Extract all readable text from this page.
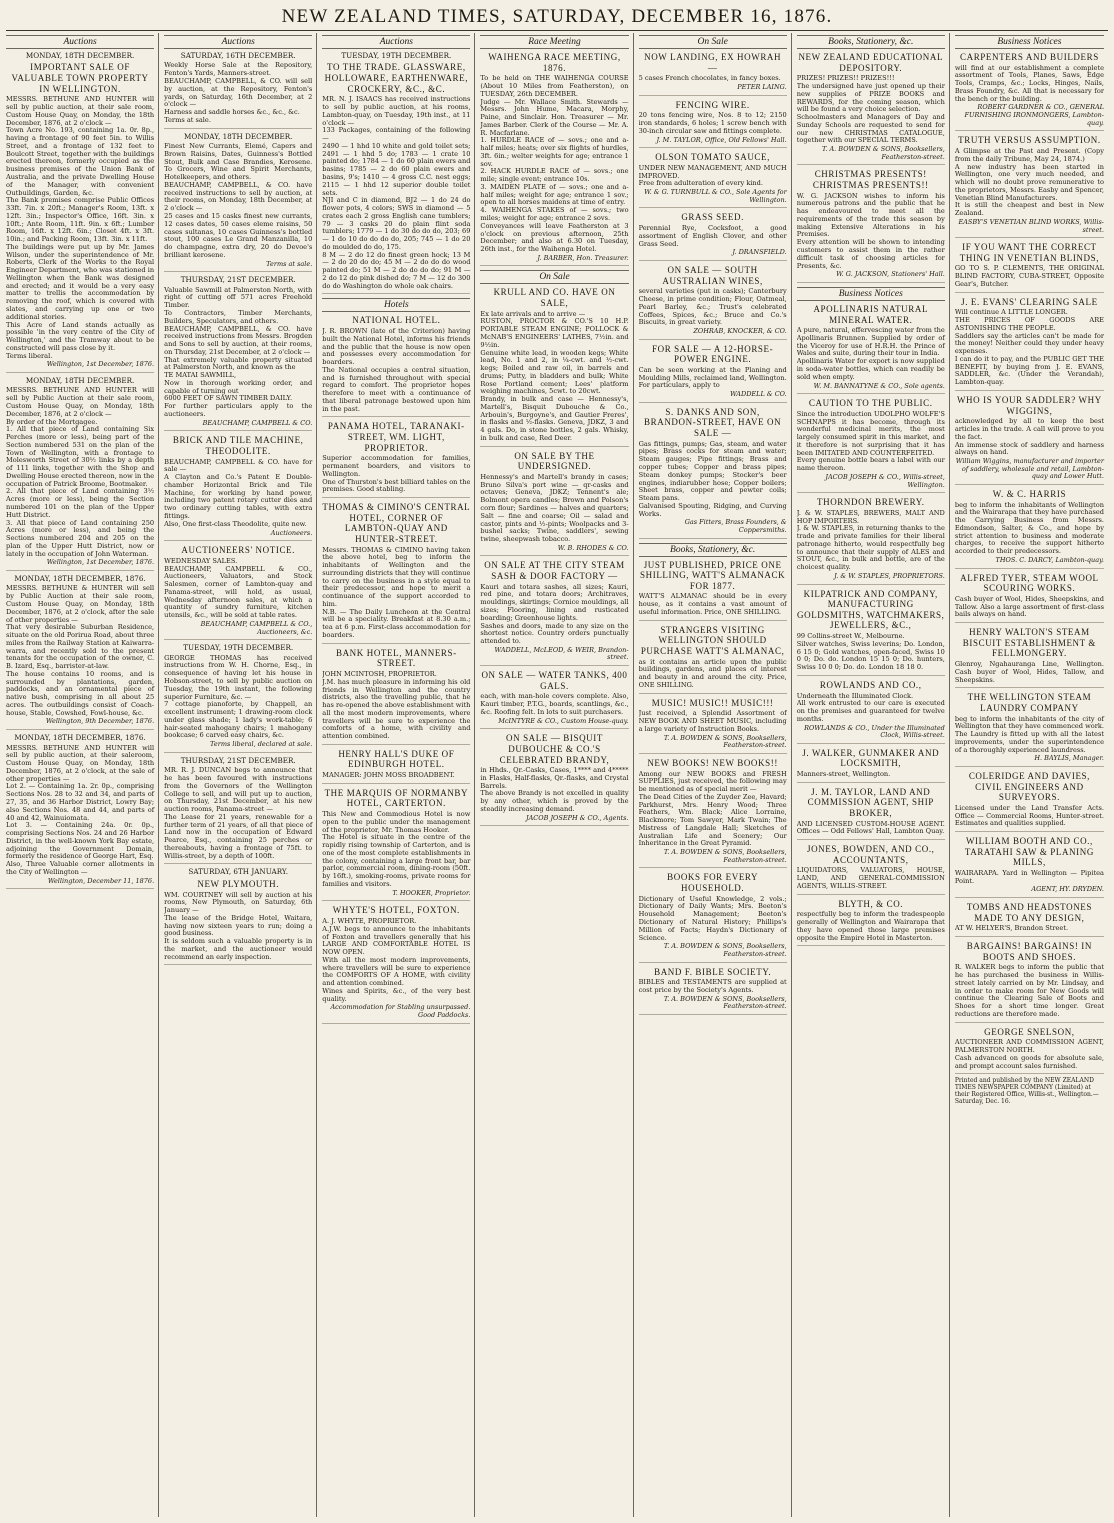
NEW ZEALAND TIMES, SATURDAY, DECEMBER 16, 1876.
Auctions
MONDAY, 18TH DECEMBER.
IMPORTANT SALE OF VALUABLE TOWN PROPERTY IN WELLINGTON.

MESSRS. BETHUNE AND HUNTER will sell by public auction, at their sale room, Custom House Quay, on Monday, the 18th December, 1876, at 2 o'clock —

Town Acre No. 193, containing 1a. 0r. 8p., having a frontage of 90 feet 5in. to Willis Street, and a frontage of 132 feet to Boulcott Street, together with the buildings erected thereon, formerly occupied as the business premises of the Union Bank of Australia, and the private Dwelling House of the Manager, with convenient Outbuildings, Garden, &c.

The Bank premises comprise Public Offices 33ft. 7in. x 20ft.; Manager's Room, 13ft. x 12ft. 3in.; Inspector's Office, 16ft. 3in. x 10ft.; Ante Room, 11ft. 9in. x 6ft.; Lumber Room, 16ft. x 12ft. 6in.; Closet 4ft. x 3ft. 10in.; and Packing Room, 13ft. 3in. x 11ft.

The buildings were put up by Mr. James Wilson, under the superintendence of Mr. Roberts, Clerk of the Works to the Royal Engineer Department, who was stationed in Wellington when the Bank was designed and erected; and it would be a very easy matter to trellis the accommodation by removing the roof, which is covered with slates, and carrying up one or two additional stories.

This Acre of Land stands actually as possible 'in the very centre of the City of Wellington,' and the Tramway about to be constructed will pass close by it.

Terms liberal.

Wellington, 1st December, 1876.
MONDAY, 18TH DECEMBER.

MESSRS. BETHUNE AND HUNTER will sell by Public Auction at their sale room, Custom House Quay, on Monday, 18th December, 1876, at 2 o'clock —

By order of the Mortgagee.

1. All that piece of Land containing Six Perches (more or less), being part of the Section numbered 531 on the plan of the Town of Wellington, with a frontage to Molesworth Street of 30½ links by a depth of 111 links, together with the Shop and Dwelling House erected thereon, now in the occupation of Patrick Broome, Bootmaker.

2. All that piece of Land containing 3½ Acres (more or less), being the Section numbered 101 on the plan of the Upper Hutt District.

3. All that piece of Land containing 250 Acres (more or less), and being the Sections numbered 204 and 205 on the plan of the Upper Hutt District, now or lately in the occupation of John Waterman.

Wellington, 1st December, 1876.
MONDAY, 18TH DECEMBER, 1876.

MESSRS. BETHUNE & HUNTER will sell by Public Auction at their sale room, Custom House Quay, on Monday, 18th December, 1876, at 2 o'clock, after the sale of other properties —

That very desirable Suburban Residence, situate on the old Porirua Road, about three miles from the Railway Station at Kaiwarra-warra, and recently sold to the present tenants for the occupation of the owner, C. B. Izard, Esq., barrister-at-law.

The house contains 10 rooms, and is surrounded by plantations, garden, paddocks, and an ornamental piece of native bush, comprising in all about 25 acres. The outbuildings consist of Coach-house, Stable, Cowshed, Fowl-house, &c.

Wellington, 9th December, 1876.
MONDAY, 18TH DECEMBER, 1876.

MESSRS. BETHUNE AND HUNTER will sell by public auction, at their saleroom, Custom House Quay, on Monday, 18th December, 1876, at 2 o'clock, at the sale of other properties —

Lot 2. — Containing 1a. 2r. 0p., comprising Sections Nos. 28 to 32 and 34, and parts of 27, 35, and 36 Harbor District, Lowry Bay; also Sections Nos. 48 and 44, and parts of 40 and 42, Wainuiomata.

Lot 3. — Containing 24a. 0r. 0p., comprising Sections Nos. 24 and 26 Harbor District, in the well-known York Bay estate, adjoining the Government Domain, formerly the residence of George Hart, Esq.

Also, Three Valuable corner allotments in the City of Wellington —

Wellington, December 11, 1876.
Auctions
SATURDAY, 16TH DECEMBER.

Weekly Horse Sale at the Repository, Fenton's Yards, Manners-street.

BEAUCHAMP, CAMPBELL, & CO. will sell by auction, at the Repository, Fenton's yards, on Saturday, 16th December, at 2 o'clock —

Harness and saddle horses &c., &c., &c.

Terms at sale.

MONDAY, 18TH DECEMBER.

Finest New Currants, Elemé, Capers and Brown Raisins, Dates, Guinness's Bottled Stout, Bulk and Case Brandies, Kerosene. To Grocers, Wine and Spirit Merchants, Hotelkeepers, and others.

BEAUCHAMP, CAMPBELL, & CO. have received instructions to sell by auction, at their rooms, on Monday, 18th December, at 2 o'clock —

25 cases and 15 casks finest new currants, 12 cases dates, 50 cases eleme raisins, 50 cases sultanas, 10 cases Guinness's bottled stout, 100 cases Le Grand Manzanilla, 10 do champagne, extra dry, 20 do Devoe's brilliant kerosene.

Terms at sale.
THURSDAY, 21ST DECEMBER.

Valuable Sawmill at Palmerston North, with right of cutting off 571 acres Freehold Timber.

To Contractors, Timber Merchants, Builders, Speculators, and others.

BEAUCHAMP, CAMPBELL, & CO. have received instructions from Messrs. Brogden and Sons to sell by auction, at their rooms, on Thursday, 21st December, at 2 o'clock —

That extremely valuable property situated at Palmerston North, and known as the

TE MATAI SAWMILL,

Now in thorough working order, and capable of turning out

6000 FEET OF SAWN TIMBER DAILY.

For further particulars apply to the auctioneers.

BEAUCHAMP, CAMPBELL & CO.
BRICK AND TILE MACHINE, THEODOLITE.

BEAUCHAMP, CAMPBELL & CO. have for sale —

A Clayton and Co.'s Patent E Double-chamber Horizontal Brick and Tile Machine, for working by hand power, including two patent rotary cutter dies and two ordinary cutting tables, with extra fittings.

Also, One first-class Theodolite, quite new.

Auctioneers.
AUCTIONEERS' NOTICE.

WEDNESDAY SALES.

BEAUCHAMP, CAMPBELL & CO., Auctioneers, Valuators, and Stock Salesmen, corner of Lambton-quay and Panama-street, will hold, as usual, Wednesday afternoon sales, at which a quantity of sundry furniture, kitchen utensils, &c., will be sold at table rates.

BEAUCHAMP, CAMPBELL & CO., Auctioneers, &c.
TUESDAY, 19TH DECEMBER.

GEORGE THOMAS has received instructions from W. H. Chorne, Esq., in consequence of having let his house in Hobson-street, to sell by public auction on Tuesday, the 19th instant, the following superior Furniture, &c. —

7 cottage pianoforte, by Chappell, an excellent instrument; 1 drawing-room clock under glass shade; 1 lady's work-table; 6 hair-seated mahogany chairs; 1 mahogany bookcase; 6 carved easy chairs, &c.

Terms liberal, declared at sale.
THURSDAY, 21ST DECEMBER.

MR. R. J. DUNCAN begs to announce that he has been favoured with instructions from the Governors of the Wellington College to sell, and will put up to auction, on Thursday, 21st December, at his new auction rooms, Panama-street —

The Lease for 21 years, renewable for a further term of 21 years, of all that piece of Land now in the occupation of Edward Pearce, Esq., containing 25 perches or thereabouts, having a frontage of 75ft. to Willis-street, by a depth of 100ft.

SATURDAY, 6TH JANUARY.
NEW PLYMOUTH.

WM. COURTNEY will sell by auction at his rooms, New Plymouth, on Saturday, 6th January —

The lease of the Bridge Hotel, Waitara, having now sixteen years to run; doing a good business.

It is seldom such a valuable property is in the market, and the auctioneer would recommend an early inspection.

Auctions
TUESDAY, 19TH DECEMBER.
TO THE TRADE. GLASSWARE, HOLLOWARE, EARTHENWARE, CROCKERY, &C., &C.

MR. N. J. ISAACS has received instructions to sell by public auction, at his rooms, Lambton-quay, on Tuesday, 19th inst., at 11 o'clock —

133 Packages, containing of the following —

2490 — 1 hhd 10 white and gold toilet sets; 2491 — 1 hhd 5 do; 1783 — 1 crate 10 painted do; 1784 — 1 do 60 plain ewers and basins; 1785 — 2 do 60 plain ewers and basins, 9's; 1410 — 4 gross C.C. nest eggs; 2115 — 1 hhd 12 superior double toilet sets.

NJI and C in diamond, BJ2 — 1 do 24 do flower pots, 4 colors; SWS in diamond — 5 crates each 2 gross English cane tumblers; 79 — 3 casks 20 do plain flint soda tumblers; 1779 — 1 do 30 do do do, 203; 69 — 1 do 10 do do do do, 205; 745 — 1 do 20 do moulded do do, 175.

8 M — 2 do 12 do finest green hock; 13 M — 2 do 20 do do; 45 M — 2 do do do wood painted do; 51 M — 2 do do do do; 91 M — 2 do 12 do pink dished do; 7 M — 12 do 300 do do Washington do whole oak chairs.

Hotels
NATIONAL HOTEL.

J. R. BROWN (late of the Criterion) having built the National Hotel, informs his friends and the public that the house is now open and possesses every accommodation for boarders.

The National occupies a central situation, and is furnished throughout with special regard to comfort. The proprietor hopes therefore to meet with a continuance of that liberal patronage bestowed upon him in the past.

PANAMA HOTEL, TARANAKI-STREET, WM. LIGHT, PROPRIETOR.

Superior accommodation for families, permanent boarders, and visitors to Wellington.

One of Thurston's best billiard tables on the premises. Good stabling.

THOMAS & CIMINO'S CENTRAL HOTEL, CORNER OF LAMBTON-QUAY AND HUNTER-STREET.

Messrs. THOMAS & CIMINO having taken the above hotel, beg to inform the inhabitants of Wellington and the surrounding districts that they will continue to carry on the business in a style equal to their predecessor, and hope to merit a continuance of the support accorded to him.

N.B. — The Daily Luncheon at the Central will be a speciality. Breakfast at 8.30 a.m.; tea at 6 p.m. First-class accommodation for boarders.

BANK HOTEL, MANNERS-STREET.

JOHN MCINTOSH, PROPRIETOR.

J.M. has much pleasure in informing his old friends in Wellington and the country districts, also the travelling public, that he has re-opened the above establishment with all the most modern improvements, where travellers will be sure to experience the comforts of a home, with civility and attention combined.

HENRY HALL'S DUKE OF EDINBURGH HOTEL.

MANAGER: JOHN MOSS BROADBENT.

THE MARQUIS OF NORMANBY HOTEL, CARTERTON.

This New and Commodious Hotel is now open to the public under the management of the proprietor, Mr. Thomas Hooker.

The Hotel is situate in the centre of the rapidly rising township of Carterton, and is one of the most complete establishments in the colony, containing a large front bar, bar parlor, commercial room, dining-room (50ft. by 16ft.), smoking-rooms, private rooms for families and visitors.

T. HOOKER, Proprietor.
WHYTE'S HOTEL, FOXTON.

A. J. WHYTE, PROPRIETOR.

A.J.W. begs to announce to the inhabitants of Foxton and travellers generally that his LARGE AND COMFORTABLE HOTEL IS NOW OPEN.

With all the most modern improvements, where travellers will be sure to experience the COMFORTS OF A HOME, with civility and attention combined.

Wines and Spirits, &c., of the very best quality.

Accommodation for Stabling unsurpassed. Good Paddocks.
Race Meeting
WAIHENGA RACE MEETING, 1876.

To be held on THE WAIHENGA COURSE (About 10 Miles from Featherston), on TUESDAY, 26th DECEMBER.

Judge — Mr. Wallace Smith. Stewards — Messrs. John Hume, Macara, Morphy, Paine, and Sinclair. Hon. Treasurer — Mr. James Barber. Clerk of the Course — Mr. A. R. Macfarlane.

1. HURDLE RACE of — sovs.; one and a-half miles; heats; over six flights of hurdles, 3ft. 6in.; welter weights for age; entrance 1 sov.

2. HACK HURDLE RACE of — sovs.; one mile; single event; entrance 10s.

3. MAIDEN PLATE of — sovs.; one and a-half miles; weight for age; entrance 1 sov.; open to all horses maidens at time of entry.

4. WAIHENGA STAKES of — sovs.; two miles; weight for age; entrance 2 sovs.

Conveyances will leave Featherston at 3 o'clock on previous afternoon, 25th December; and also at 6.30 on Tuesday, 26th inst., for the Waihenga Hotel.

J. BARBER, Hon. Treasurer.
On Sale
KRULL AND CO. HAVE ON SALE,

Ex late arrivals and to arrive —

RUSTON, PROCTOR & CO.'S 10 H.P. PORTABLE STEAM ENGINE; POLLOCK & McNAB'S ENGINEERS' LATHES, 7½in. and 9½in.

Genuine white lead, in wooden kegs; White lead, No. 1 and 2, in ¼-cwt. and ½-cwt. kegs; Boiled and raw oil, in barrels and drums; Putty, in bladders and bulk; White Rose Portland cement; Lees' platform weighing machines, 5cwt. to 20cwt.

Brandy, in bulk and case — Hennessy's, Martell's, Bisquit Dubouche & Co., Arbouin's, Burgoyne's, and Gautier Freres', in flasks and ½-flasks. Geneva, JDKZ, 3 and 4 gals. Do, in stone bottles, 2 gals. Whisky, in bulk and case, Red Deer.

ON SALE BY THE UNDERSIGNED.

Hennessy's and Martell's brandy in cases; Bruno Silva's port wine — qr-casks and octaves; Geneva, JDKZ; Tennent's ale; Bolmont opera candles; Brown and Polson's corn flour; Sardines — halves and quarters; Salt — fine and coarse; Oil — salad and castor, pints and ½-pints; Woolpacks and 3-bushel sacks; Twine, saddlers', sewing twine, sheepwash tobacco.

W. B. RHODES & CO.
ON SALE AT THE CITY STEAM SASH & DOOR FACTORY —

Kauri and totara sashes, all sizes; Kauri, red pine, and totara doors; Architraves, mouldings, skirtings; Cornice mouldings, all sizes; Flooring, lining and rusticated boarding; Greenhouse lights.

Sashes and doors, made to any size on the shortest notice. Country orders punctually attended to.

WADDELL, McLEOD, & WEIR, Brandon-street.
ON SALE — WATER TANKS, 400 GALS.

each, with man-hole covers complete. Also, Kauri timber, P.T.G., boards, scantlings, &c., &c. Roofing felt. In lots to suit purchasers.

McINTYRE & CO., Custom House-quay.
ON SALE — BISQUIT DUBOUCHE & CO.'S CELEBRATED BRANDY,

in Hhds., Qr.-Casks, Cases, 1**** and 4***** in Flasks, Half-flasks, Qr.-flasks, and Crystal Barrels.

The above Brandy is not excelled in quality by any other, which is proved by the steadily increasing demand.

JACOB JOSEPH & CO., Agents.
On Sale
NOW LANDING, EX HOWRAH —

5 cases French chocolates, in fancy boxes.

PETER LAING.
FENCING WIRE.

20 tons fencing wire, Nos. 8 to 12; 2150 iron standards, 6 holes; 1 screw bench with 30-inch circular saw and fittings complete.

J. M. TAYLOR, Office, Old Fellows' Hall.
OLSON TOMATO SAUCE,

UNDER NEW MANAGEMENT, AND MUCH IMPROVED.

Free from adulteration of every kind.

W. & G. TURNBULL & CO., Sole Agents for Wellington.
GRASS SEED.

Perennial Rye, Cocksfoot, a good assortment of English Clover, and other Grass Seed.

J. DRANSFIELD.
ON SALE — SOUTH AUSTRALIAN WINES,

several varieties (put in casks); Canterbury Cheese, in prime condition; Flour, Oatmeal, Pearl Barley, &c.; Trust's celebrated Coffees, Spices, &c.; Bruce and Co.'s Biscuits, in great variety.

ZOHRAB, KNOCKER, & CO.
FOR SALE — A 12-HORSE-POWER ENGINE.

Can be seen working at the Planing and Moulding Mills, reclaimed land, Wellington. For particulars, apply to

WADDELL & CO.
S. DANKS AND SON, BRANDON-STREET, HAVE ON SALE —

Gas fittings, pumps; Gas, steam, and water pipes; Brass cocks for steam and water; Steam gauges; Pipe fittings; Brass and copper tubes; Copper and brass pipes; Steam donkey pumps; Stocker's beer engines, indiarubber hose; Copper boilers; Sheet brass, copper and pewter coils; Steam pans.

Galvanised Spouting, Ridging, and Curving Works.

Gas Fitters, Brass Founders, & Coppersmiths.
Books, Stationery, &c.
JUST PUBLISHED, PRICE ONE SHILLING, WATT'S ALMANACK FOR 1877.

WATT'S ALMANAC should be in every house, as it contains a vast amount of useful information. Price, ONE SHILLING.

STRANGERS VISITING WELLINGTON SHOULD PURCHASE WATT'S ALMANAC,

as it contains an article upon the public buildings, gardens, and places of interest and beauty in and around the city. Price, ONE SHILLING.

MUSIC! MUSIC!! MUSIC!!!

Just received, a Splendid Assortment of NEW BOOK AND SHEET MUSIC, including a large variety of Instruction Books.

T. A. BOWDEN & SONS, Booksellers, Featherston-street.
NEW BOOKS! NEW BOOKS!!

Among our NEW BOOKS and FRESH SUPPLIES, just received, the following may be mentioned as of special merit —

The Dead Cities of the Zuyder Zee, Havard; Parkhurst, Mrs. Henry Wood; Three Feathers, Wm. Black; Alice Lorraine, Blackmore; Tom Sawyer, Mark Twain; The Mistress of Langdale Hall; Sketches of Australian Life and Scenery; Our Inheritance in the Great Pyramid.

T. A. BOWDEN & SONS, Booksellers, Featherston-street.
BOOKS FOR EVERY HOUSEHOLD.

Dictionary of Useful Knowledge, 2 vols.; Dictionary of Daily Wants; Mrs. Beeton's Household Management; Beeton's Dictionary of Natural History; Phillips's Million of Facts; Haydn's Dictionary of Science.

T. A. BOWDEN & SONS, Booksellers, Featherston-street.
BAND F. BIBLE SOCIETY.

BIBLES and TESTAMENTS are supplied at cost price by the Society's Agents.

T. A. BOWDEN & SONS, Booksellers, Featherston-street.
Books, Stationery, &c.
NEW ZEALAND EDUCATIONAL DEPOSITORY.

PRIZES! PRIZES!! PRIZES!!!

The undersigned have just opened up their new supplies of PRIZE BOOKS and REWARDS, for the coming season, which will be found a very choice selection.

Schoolmasters and Managers of Day and Sunday Schools are requested to send for our new CHRISTMAS CATALOGUE, together with our SPECIAL TERMS.

T. A. BOWDEN & SONS, Booksellers, Featherston-street.
CHRISTMAS PRESENTS! CHRISTMAS PRESENTS!!

W. G. JACKSON wishes to inform his numerous patrons and the public that he has endeavoured to meet all the requirements of the trade this season by making Extensive Alterations in his Premises.

Every attention will be shown to intending customers to assist them in the rather difficult task of choosing articles for Presents, &c.

W. G. JACKSON, Stationers' Hall.
Business Notices
APOLLINARIS NATURAL MINERAL WATER.

A pure, natural, effervescing water from the Apollinaris Brunnen. Supplied by order of the Viceroy for use of H.R.H. the Prince of Wales and suite, during their tour in India.

Apollinaris Water for export is now supplied in soda-water bottles, which can readily be sold when empty.

W. M. BANNATYNE & CO., Sole agents.
CAUTION TO THE PUBLIC.

Since the introduction UDOLPHO WOLFE'S SCHNAPPS it has become, through its wonderful medicinal merits, the most largely consumed spirit in this market, and it therefore is not surprising that it has been IMITATED AND COUNTERFEITED.

Every genuine bottle bears a label with our name thereon.

JACOB JOSEPH & CO., Willis-street, Wellington.
THORNDON BREWERY.

J. & W. STAPLES, BREWERS, MALT AND HOP IMPORTERS.

J. & W. STAPLES, in returning thanks to the trade and private families for their liberal patronage hitherto, would respectfully beg to announce that their supply of ALES and STOUT, &c., in bulk and bottle, are of the choicest quality.

J. & W. STAPLES, PROPRIETORS.
KILPATRICK AND COMPANY, MANUFACTURING GOLDSMITHS, WATCHMAKERS, JEWELLERS, &C.,

99 Collins-street W., Melbourne.

Silver watches, Swiss leverins; Do. London, 6 15 0; Gold watches, open-faced, Swiss 10 0 0; Do. do. London 15 15 0; Do. hunters, Swiss 10 0 0; Do. do. London 18 18 0.

ROWLANDS AND CO.,

Underneath the Illuminated Clock.

All work entrusted to our care is executed on the premises and guaranteed for twelve months.

ROWLANDS & CO., Under the Illuminated Clock, Willis-street.
J. WALKER, GUNMAKER AND LOCKSMITH,

Manners-street, Wellington.

J. M. TAYLOR, LAND AND COMMISSION AGENT, SHIP BROKER,

AND LICENSED CUSTOM-HOUSE AGENT. Offices — Odd Fellows' Hall, Lambton Quay.

JONES, BOWDEN, AND CO., ACCOUNTANTS,

LIQUIDATORS, VALUATORS, HOUSE, LAND, AND GENERAL-COMMISSION AGENTS, WILLIS-STREET.

BLYTH, & CO.

respectfully beg to inform the tradespeople generally of Wellington and Wairarapa that they have opened those large premises opposite the Empire Hotel in Masterton.

Business Notices
CARPENTERS AND BUILDERS

will find at our establishment a complete assortment of Tools, Planes, Saws, Edge Tools, Cramps, &c.; Locks, Hinges, Nails, Brass Foundry, &c. All that is necessary for the bench or the building.

ROBERT GARDNER & CO., GENERAL FURNISHING IRONMONGERS, Lambton-quay.
TRUTH VERSUS ASSUMPTION.

A Glimpse at the Past and Present. (Copy from the daily Tribune, May 24, 1874.)

A new industry has been started in Wellington, one very much needed, and which will no doubt prove remunerative to the proprietors, Messrs. Easby and Spencer, Venetian Blind Manufacturers.

It is still the cheapest and best in New Zealand.

EASBY'S VENETIAN BLIND WORKS, Willis-street.
IF YOU WANT THE CORRECT THING IN VENETIAN BLINDS,

GO TO S. P. CLEMENTS, THE ORIGINAL BLIND FACTORY, CUBA-STREET, Opposite Gear's, Butcher.

J. E. EVANS' CLEARING SALE

Will continue A LITTLE LONGER.

THE PRICES OF GOODS ARE ASTONISHING THE PEOPLE.

Saddlers say the articles can't be made for the money! Neither could they under heavy expenses.

I can do it to pay, and the PUBLIC GET THE BENEFIT, by buying from J. E. EVANS, SADDLER, &c. (Under the Verandah), Lambton-quay.

WHO IS YOUR SADDLER? WHY WIGGINS,

acknowledged by all to keep the best articles in the trade. A call will prove to you the fact.

An immense stock of saddlery and harness always on hand.

William Wiggins, manufacturer and importer of saddlery, wholesale and retail, Lambton-quay and Lower Hutt.
W. & C. HARRIS

beg to inform the inhabitants of Wellington and the Wairarapa that they have purchased the Carrying Business from Messrs. Edmondson, Salter, & Co., and hope by strict attention to business and moderate charges, to receive the support hitherto accorded to their predecessors.

THOS. C. DARCY, Lambton-quay.
ALFRED TYER, STEAM WOOL SCOURING WORKS.

Cash buyer of Wool, Hides, Sheepskins, and Tallow. Also a large assortment of first-class bails always on hand.

HENRY WALTON'S STEAM BISCUIT ESTABLISHMENT & FELLMONGERY.

Glenroy, Ngahauranga Line, Wellington. Cash buyer of Wool, Hides, Tallow, and Sheepskins.

THE WELLINGTON STEAM LAUNDRY COMPANY

beg to inform the inhabitants of the city of Wellington that they have commenced work. The Laundry is fitted up with all the latest improvements, under the superintendence of a thoroughly experienced laundress.

H. BAYLIS, Manager.
COLERIDGE AND DAVIES, CIVIL ENGINEERS AND SURVEYORS.

Licensed under the Land Transfer Acts. Office — Commercial Rooms, Hunter-street. Estimates and qualities supplied.

WILLIAM BOOTH AND CO., TARATAHI SAW & PLANING MILLS,

WAIRARAPA. Yard in Wellington — Pipitea Point.

AGENT, HY. DRYDEN.
TOMBS AND HEADSTONES MADE TO ANY DESIGN,

AT W. HELYER'S, Brandon Street.

BARGAINS! BARGAINS! IN BOOTS AND SHOES.

R. WALKER begs to inform the public that he has purchased the business in Willis-street lately carried on by Mr. Lindsay, and in order to make room for New Goods will continue the Clearing Sale of Boots and Shoes for a short time longer. Great reductions are therefore made.

GEORGE SNELSON,

AUCTIONEER AND COMMISSION AGENT, PALMERSTON NORTH.

Cash advanced on goods for absolute sale, and prompt account sales furnished.

Printed and published by the NEW ZEALAND TIMES NEWSPAPER COMPANY (Limited) at their Registered Office, Willis-st., Wellington.—Saturday, Dec. 16.
